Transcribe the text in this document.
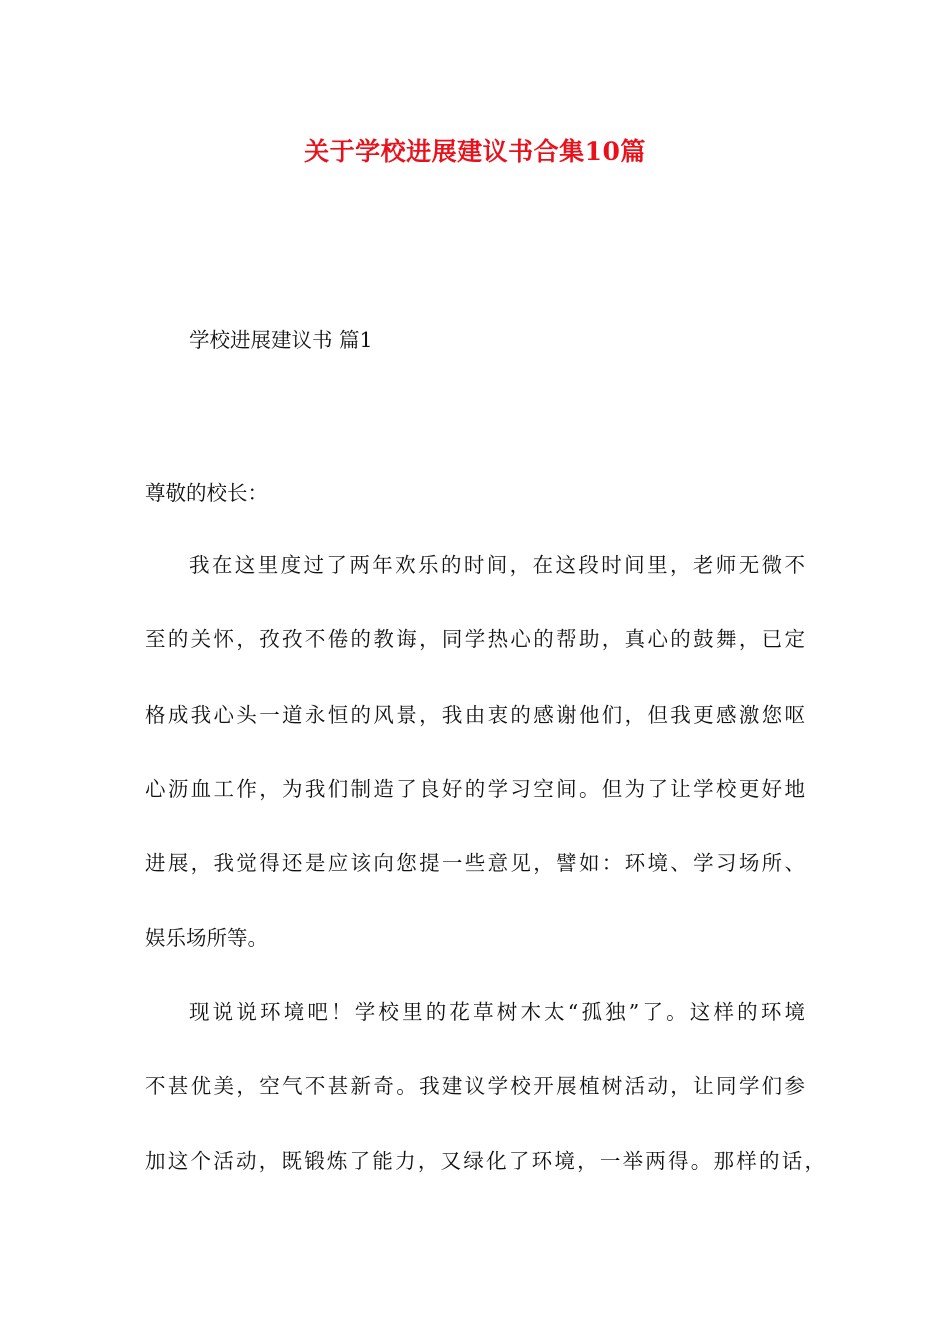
关于学校进展建议书合集10篇
学校进展建议书 篇1
尊敬的校长：
我在这里度过了两年欢乐的时间，在这段时间里，老师无微不
至的关怀，孜孜不倦的教诲，同学热心的帮助，真心的鼓舞，已定
格成我心头一道永恒的风景，我由衷的感谢他们，但我更感激您呕
心沥血工作，为我们制造了良好的学习空间。但为了让学校更好地
进展，我觉得还是应该向您提一些意见，譬如：环境、学习场所、
娱乐场所等。
现说说环境吧！学校里的花草树木太“孤独”了。这样的环境
不甚优美，空气不甚新奇。我建议学校开展植树活动，让同学们参
加这个活动，既锻炼了能力，又绿化了环境，一举两得。那样的话，
